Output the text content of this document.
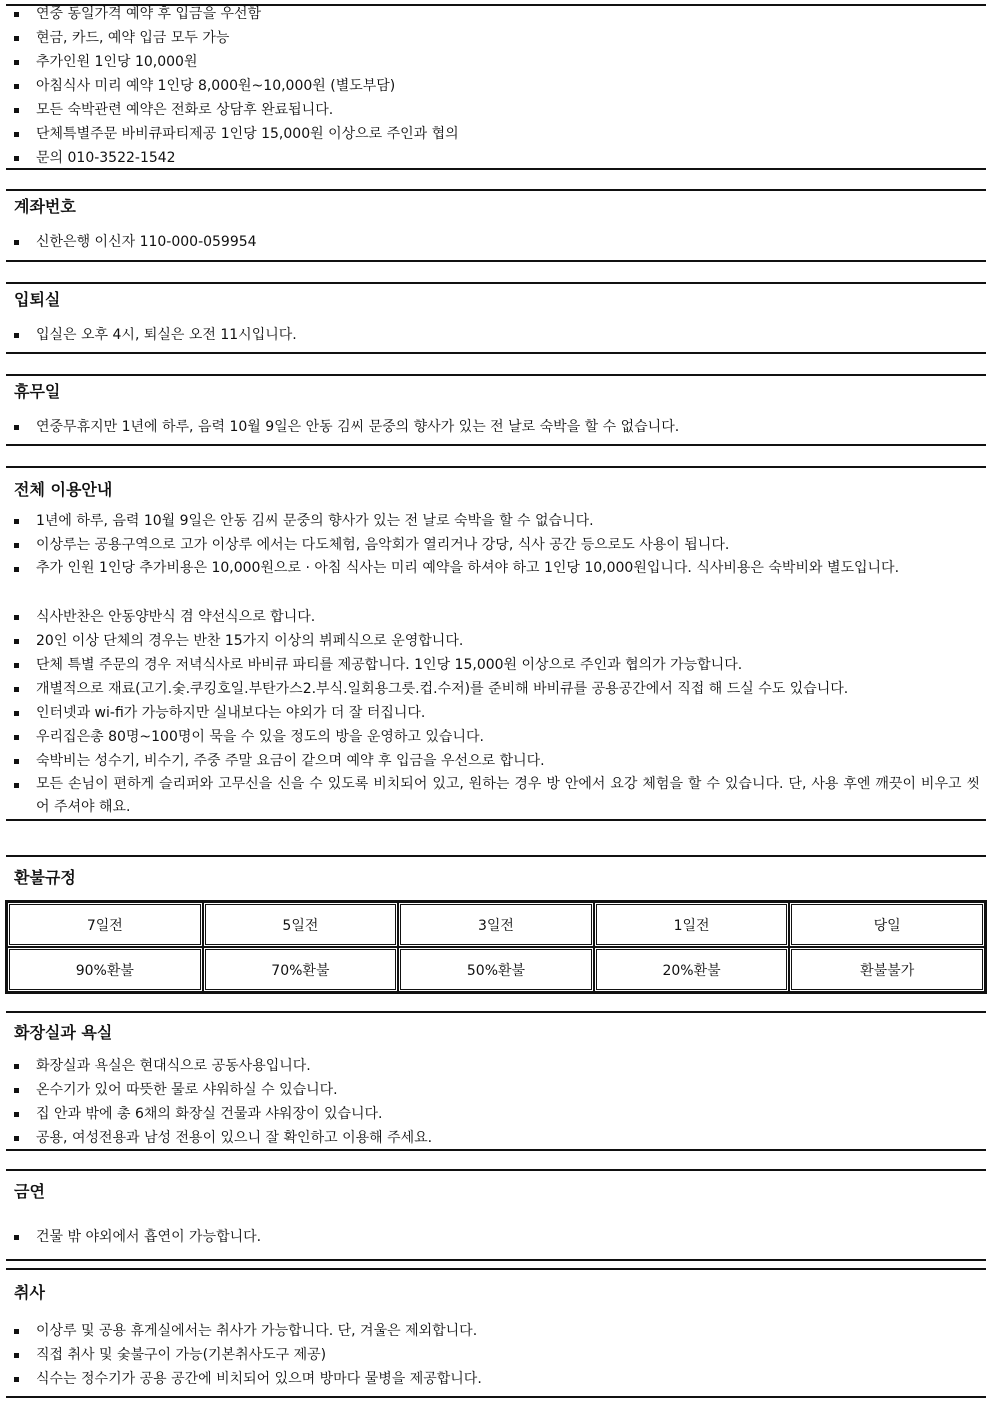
연중 동일가격 예약 후 입금을 우선함
현금, 카드, 예약 입금 모두 가능
추가인원 1인당 10,000원
아침식사 미리 예약 1인당 8,000원~10,000원 (별도부담)
모든 숙박관련 예약은 전화로 상담후 완료됩니다.
단체특별주문 바비큐파티제공 1인당 15,000원 이상으로 주인과 협의
문의 010-3522-1542
계좌번호
신한은행 이신자 110-000-059954
입퇴실
입실은 오후 4시, 퇴실은 오전 11시입니다.
휴무일
연중무휴지만 1년에 하루, 음력 10월 9일은 안동 김씨 문중의 향사가 있는 전 날로 숙박을 할 수 없습니다.
전체 이용안내
1년에 하루, 음력 10월 9일은 안동 김씨 문중의 향사가 있는 전 날로 숙박을 할 수 없습니다.
이상루는 공용구역으로 고가 이상루 에서는 다도체험, 음악회가 열리거나 강당, 식사 공간 등으로도 사용이 됩니다.
추가 인원 1인당 추가비용은 10,000원으로 · 아침 식사는 미리 예약을 하셔야 하고 1인당 10,000원입니다. 식사비용은 숙박비와 별도입니다.
식사반찬은 안동양반식 겸 약선식으로 합니다.
20인 이상 단체의 경우는 반찬 15가지 이상의 뷔페식으로 운영합니다.
단체 특별 주문의 경우 저녁식사로 바비큐 파티를 제공합니다. 1인당 15,000원 이상으로 주인과 협의가 가능합니다.
개별적으로 재료(고기.숯.쿠킹호일.부탄가스2.부식.일회용그릇.컵.수저)를 준비해 바비큐를 공용공간에서 직접 해 드실 수도 있습니다.
인터넷과 wi-fi가 가능하지만 실내보다는 야외가 더 잘 터집니다.
우리집은총 80명~100명이 묵을 수 있을 정도의 방을 운영하고 있습니다.
숙박비는 성수기, 비수기, 주중 주말 요금이 같으며 예약 후 입금을 우선으로 합니다.
모든 손님이 편하게 슬리퍼와 고무신을 신을 수 있도록 비치되어 있고, 원하는 경우 방 안에서 요강 체험을 할 수 있습니다. 단, 사용 후엔 깨끗이 비우고 씻어 주셔야 해요.
환불규정
7일전	5일전	3일전	1일전	당일
90%환불	70%환불	50%환불	20%환불	환불불가
화장실과 욕실
화장실과 욕실은 현대식으로 공동사용입니다.
온수기가 있어 따뜻한 물로 샤워하실 수 있습니다.
집 안과 밖에 총 6채의 화장실 건물과 샤워장이 있습니다.
공용, 여성전용과 남성 전용이 있으니 잘 확인하고 이용해 주세요.
금연
건물 밖 야외에서 흡연이 가능합니다.
취사
이상루 및 공용 휴게실에서는 취사가 가능합니다. 단, 겨울은 제외합니다.
직접 취사 및 숯불구이 가능(기본취사도구 제공)
식수는 정수기가 공용 공간에 비치되어 있으며 방마다 물병을 제공합니다.
